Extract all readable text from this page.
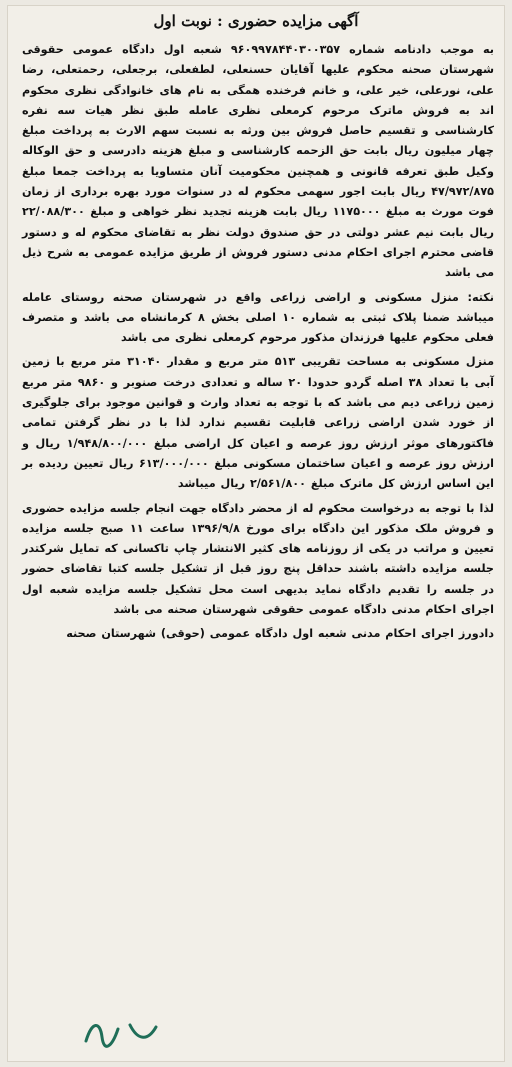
آگهی مزایده حضوری : نوبت اول

به موجب دادنامه شماره ۹۶۰۹۹۷۸۴۴۰۳۰۰۳۵۷ شعبه اول دادگاه عمومی حقوقی شهرستان صحنه محکوم علیها آقایان حسنعلی، لطفعلی، برجعلی، رحمتعلی، رضا علی، نورعلی، خیر علی، و خانم فرخنده همگی به نام های خانوادگی نظری محکوم اند به فروش ماترک مرحوم کرمعلی نظری عامله طبق نظر هیات سه نفره کارشناسی و تقسیم حاصل فروش بین ورثه به نسبت سهم الارث به پرداخت مبلغ چهار میلیون ریال بابت حق الزحمه کارشناسی و مبلغ هزینه دادرسی و حق الوکاله وکیل طبق تعرفه قانونی و همچنین محکومیت آنان متساویا به پرداخت جمعا مبلغ ۴۷/۹۷۲/۸۷۵ ریال بابت اجور سهمی محکوم له در سنوات مورد بهره برداری از زمان فوت مورث به مبلغ ۱۱۷۵۰۰۰ ریال بابت هزینه تجدید نظر خواهی و مبلغ ۲۲/۰۸۸/۳۰۰ ریال بابت نیم عشر دولتی در حق صندوق دولت نظر به تقاضای محکوم له و دستور قاضی محترم اجرای احکام مدنی دستور فروش از طریق مزایده عمومی به شرح ذیل می باشد

نکته: منزل مسکونی و اراضی زراعی واقع در شهرستان صحنه روستای عامله میباشد ضمنا پلاک ثبتی به شماره ۱۰ اصلی بخش ۸ کرمانشاه می باشد و متصرف فعلی محکوم علیها فرزندان مذکور مرحوم کرمعلی نظری می باشد

منزل مسکونی به مساحت تقریبی ۵۱۳ متر مربع و مقدار ۳۱۰۴۰ متر مربع با زمین آبی با تعداد ۳۸ اصله گردو حدودا ۲۰ ساله و تعدادی درخت صنوبر و ۹۸۶۰ متر مربع زمین زراعی دیم می باشد که با توجه به تعداد وارث و قوانین موجود برای جلوگیری از خورد شدن اراضی زراعی قابلیت تقسیم ندارد لذا با در نظر گرفتن تمامی فاکتورهای موثر ارزش روز عرصه و اعیان کل اراضی مبلغ ۱/۹۴۸/۸۰۰/۰۰۰ ریال و ارزش روز عرصه و اعیان ساختمان مسکونی مبلغ ۶۱۳/۰۰۰/۰۰۰ ریال تعیین ردیده بر این اساس ارزش کل ماترک مبلغ ۲/۵۶۱/۸۰۰ ریال میباشد

لذا با توجه به درخواست محکوم له از محضر دادگاه جهت انجام جلسه مزایده حضوری و فروش ملک مذکور این دادگاه برای مورخ ۱۳۹۶/۹/۸ ساعت ۱۱ صبح جلسه مزایده تعیین و مراتب در یکی از روزنامه های کثیر الانتشار چاپ تاکسانی که تمایل شرکتدر جلسه مزایده داشته باشند حداقل پنج روز قبل از تشکیل جلسه کتبا تقاضای حضور در جلسه را تقدیم دادگاه نماید بدیهی است محل تشکیل جلسه مزایده شعبه اول اجرای احکام مدنی دادگاه عمومی حقوقی شهرستان صحنه می باشد

دادورز اجرای احکام مدنی شعبه اول دادگاه عمومی (حوقی) شهرستان صحنه
